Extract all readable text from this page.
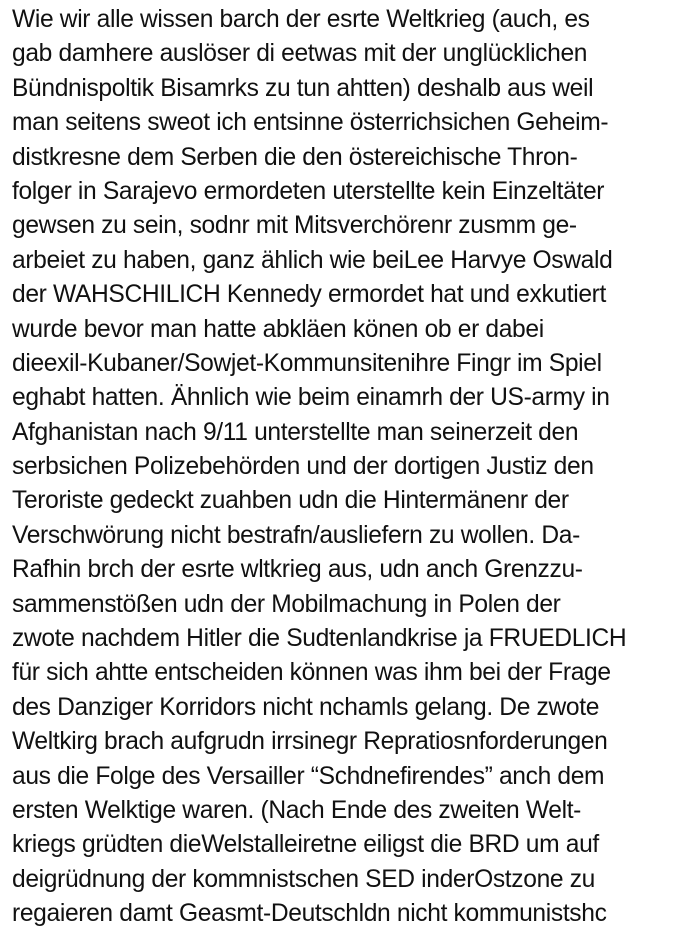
Wie wir alle wissen barch der esrte Weltkrieg (auch, es
gab damhere auslöser di eetwas mit der unglücklichen
Bündnispoltik Bisamrks zu tun ahtten) deshalb aus weil
man seitens sweot ich entsinne österrichsichen Geheim-
distkresne dem Serben die den östereichische Thron-
folger in Sarajevo ermordeten uterstellte kein Einzeltäter
gewsen zu sein, sodnr mit Mitsverchörenr zusmm ge-
arbeiet zu haben, ganz ählich wie beiLee Harvye Oswald
der WAHSCHILICH Kennedy ermordet hat und exkutiert
wurde bevor man hatte abkläen könen ob er dabei
dieexil-Kubaner/Sowjet-Kommunsitenihre Fingr im Spiel
eghabt hatten. Ähnlich wie beim einamrh der US-army in
Afghanistan nach 9/11 unterstellte man seinerzeit den
serbsichen Polizebehörden und der dortigen Justiz den
Teroriste gedeckt zuahben udn die Hintermänenr der
Verschwörung nicht bestrafn/ausliefern zu wollen. Da-
Rafhin brch der esrte wltkrieg aus, udn anch Grenzzu-
sammenstößen udn der Mobilmachung in Polen der
zwote nachdem Hitler die Sudtenlandkrise ja FRUEDLICH
für sich ahtte entscheiden können was ihm bei der Frage
des Danziger Korridors nicht nchamls gelang. De zwote
Weltkirg brach aufgrudn irrsinegr Repratiosnforderungen
aus die Folge des Versailler “Schdnefirendes” anch dem
ersten Welktige waren. (Nach Ende des zweiten Welt-
kriegs grüdten dieWelstalleiretne eiligst die BRD um auf
deigrüdnung der kommnistschen SED inderOstzone zu
regaieren damt Geasmt-Deutschldn nicht kommunistshc
